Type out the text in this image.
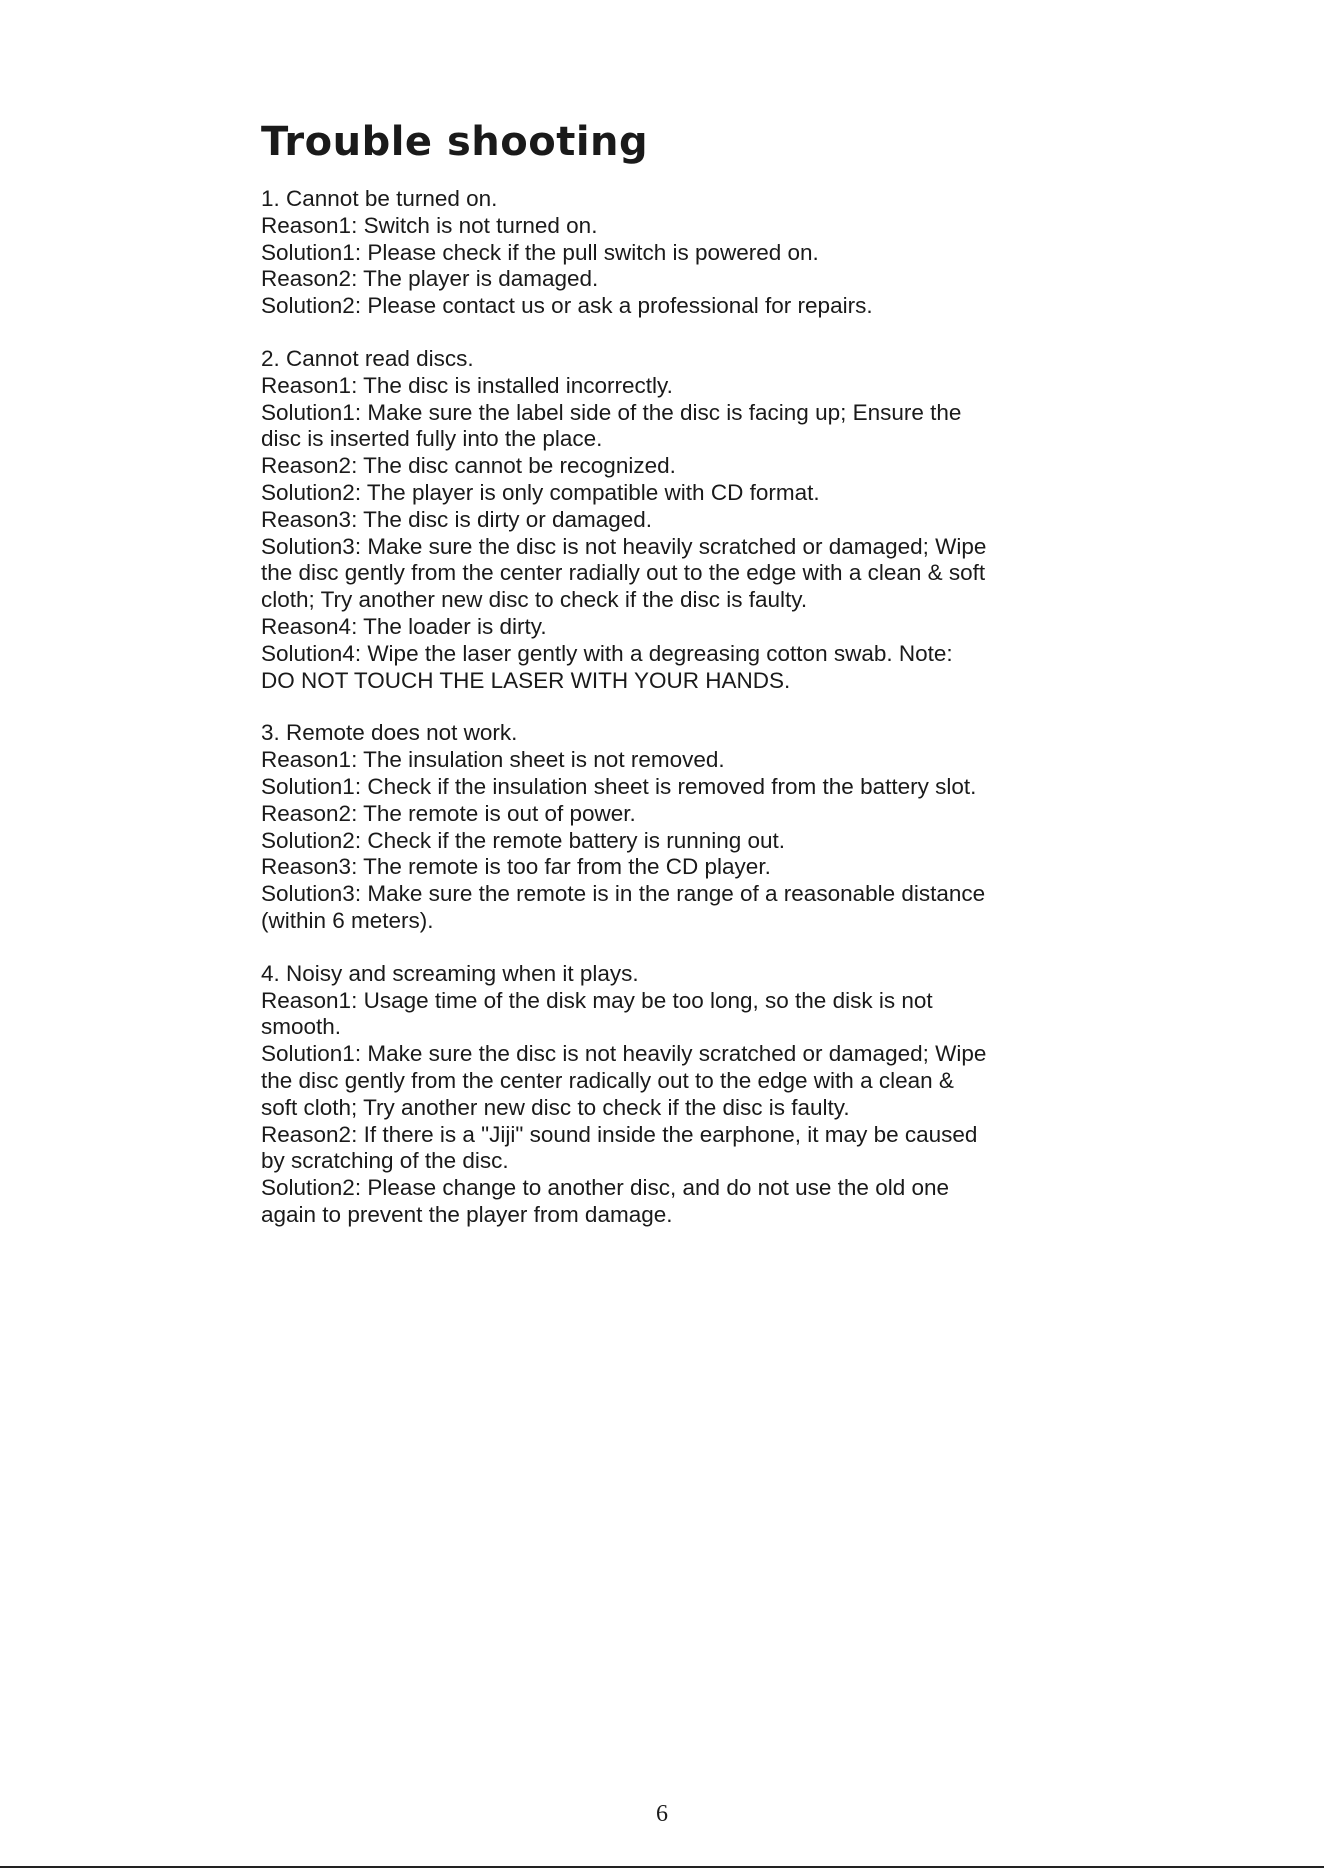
Trouble shooting

1. Cannot be turned on.

Reason1: Switch is not turned on.

Solution1: Please check if the pull switch is powered on.

Reason2: The player is damaged.

Solution2: Please contact us or ask a professional for repairs.

2. Cannot read discs.

Reason1: The disc is installed incorrectly.

Solution1: Make sure the label side of the disc is facing up; Ensure the

disc is inserted fully into the place.

Reason2: The disc cannot be recognized.

Solution2: The player is only compatible with CD format.

Reason3: The disc is dirty or damaged.

Solution3: Make sure the disc is not heavily scratched or damaged; Wipe

the disc gently from the center radially out to the edge with a clean & soft

cloth; Try another new disc to check if the disc is faulty.

Reason4: The loader is dirty.

Solution4: Wipe the laser gently with a degreasing cotton swab. Note:

DO NOT TOUCH THE LASER WITH YOUR HANDS.

3. Remote does not work.

Reason1: The insulation sheet is not removed.

Solution1: Check if the insulation sheet is removed from the battery slot.

Reason2: The remote is out of power.

Solution2: Check if the remote battery is running out.

Reason3: The remote is too far from the CD player.

Solution3: Make sure the remote is in the range of a reasonable distance

(within 6 meters).

4. Noisy and screaming when it plays.

Reason1: Usage time of the disk may be too long, so the disk is not

smooth.

Solution1: Make sure the disc is not heavily scratched or damaged; Wipe

the disc gently from the center radically out to the edge with a clean &

soft cloth; Try another new disc to check if the disc is faulty.

Reason2: If there is a "Jiji" sound inside the earphone, it may be caused

by scratching of the disc.

Solution2: Please change to another disc, and do not use the old one

again to prevent the player from damage.

6
